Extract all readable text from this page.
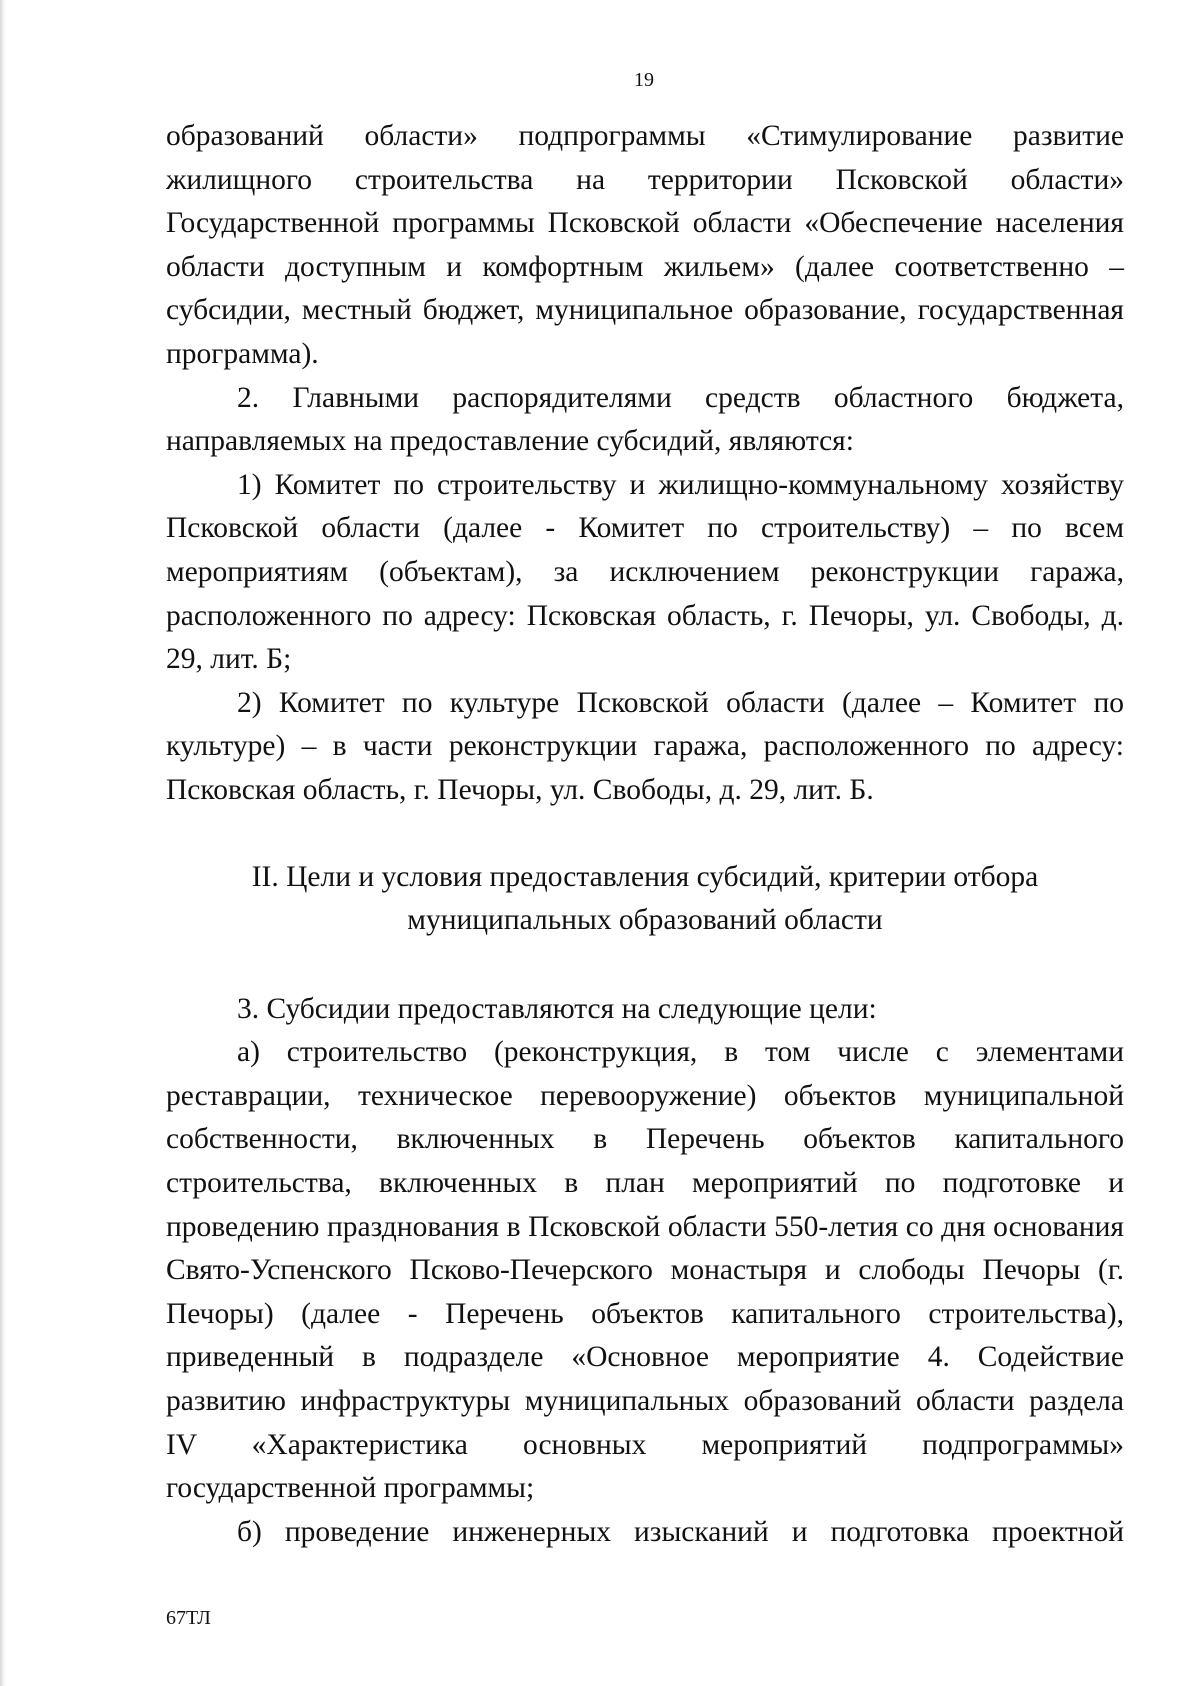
19

образований области» подпрограммы «Стимулирование развитие жилищного строительства на территории Псковской области» Государственной программы Псковской области «Обеспечение населения области доступным и комфортным жильем» (далее соответственно – субсидии, местный бюджет, муниципальное образование, государственная программа).

2. Главными распорядителями средств областного бюджета, направляемых на предоставление субсидий, являются:

1) Комитет по строительству и жилищно-коммунальному хозяйству Псковской области (далее - Комитет по строительству) – по всем мероприятиям (объектам), за исключением реконструкции гаража, расположенного по адресу: Псковская область, г. Печоры, ул. Свободы, д. 29, лит. Б;

2) Комитет по культуре Псковской области (далее – Комитет по культуре) – в части реконструкции гаража, расположенного по адресу: Псковская область, г. Печоры, ул. Свободы, д. 29, лит. Б.

II. Цели и условия предоставления субсидий, критерии отбора
муниципальных образований области

3. Субсидии предоставляются на следующие цели:

а) строительство (реконструкция, в том числе с элементами реставрации, техническое перевооружение) объектов муниципальной собственности, включенных в Перечень объектов капитального строительства, включенных в план мероприятий по подготовке и проведению празднования в Псковской области 550-летия со дня основания Свято-Успенского Псково-Печерского монастыря и слободы Печоры (г. Печоры) (далее - Перечень объектов капитального строительства), приведенный в подразделе «Основное мероприятие 4. Содействие развитию инфраструктуры муниципальных образований области раздела IV «Характеристика основных мероприятий подпрограммы» государственной программы;

б) проведение инженерных изысканий и подготовка проектной

67ТЛ
